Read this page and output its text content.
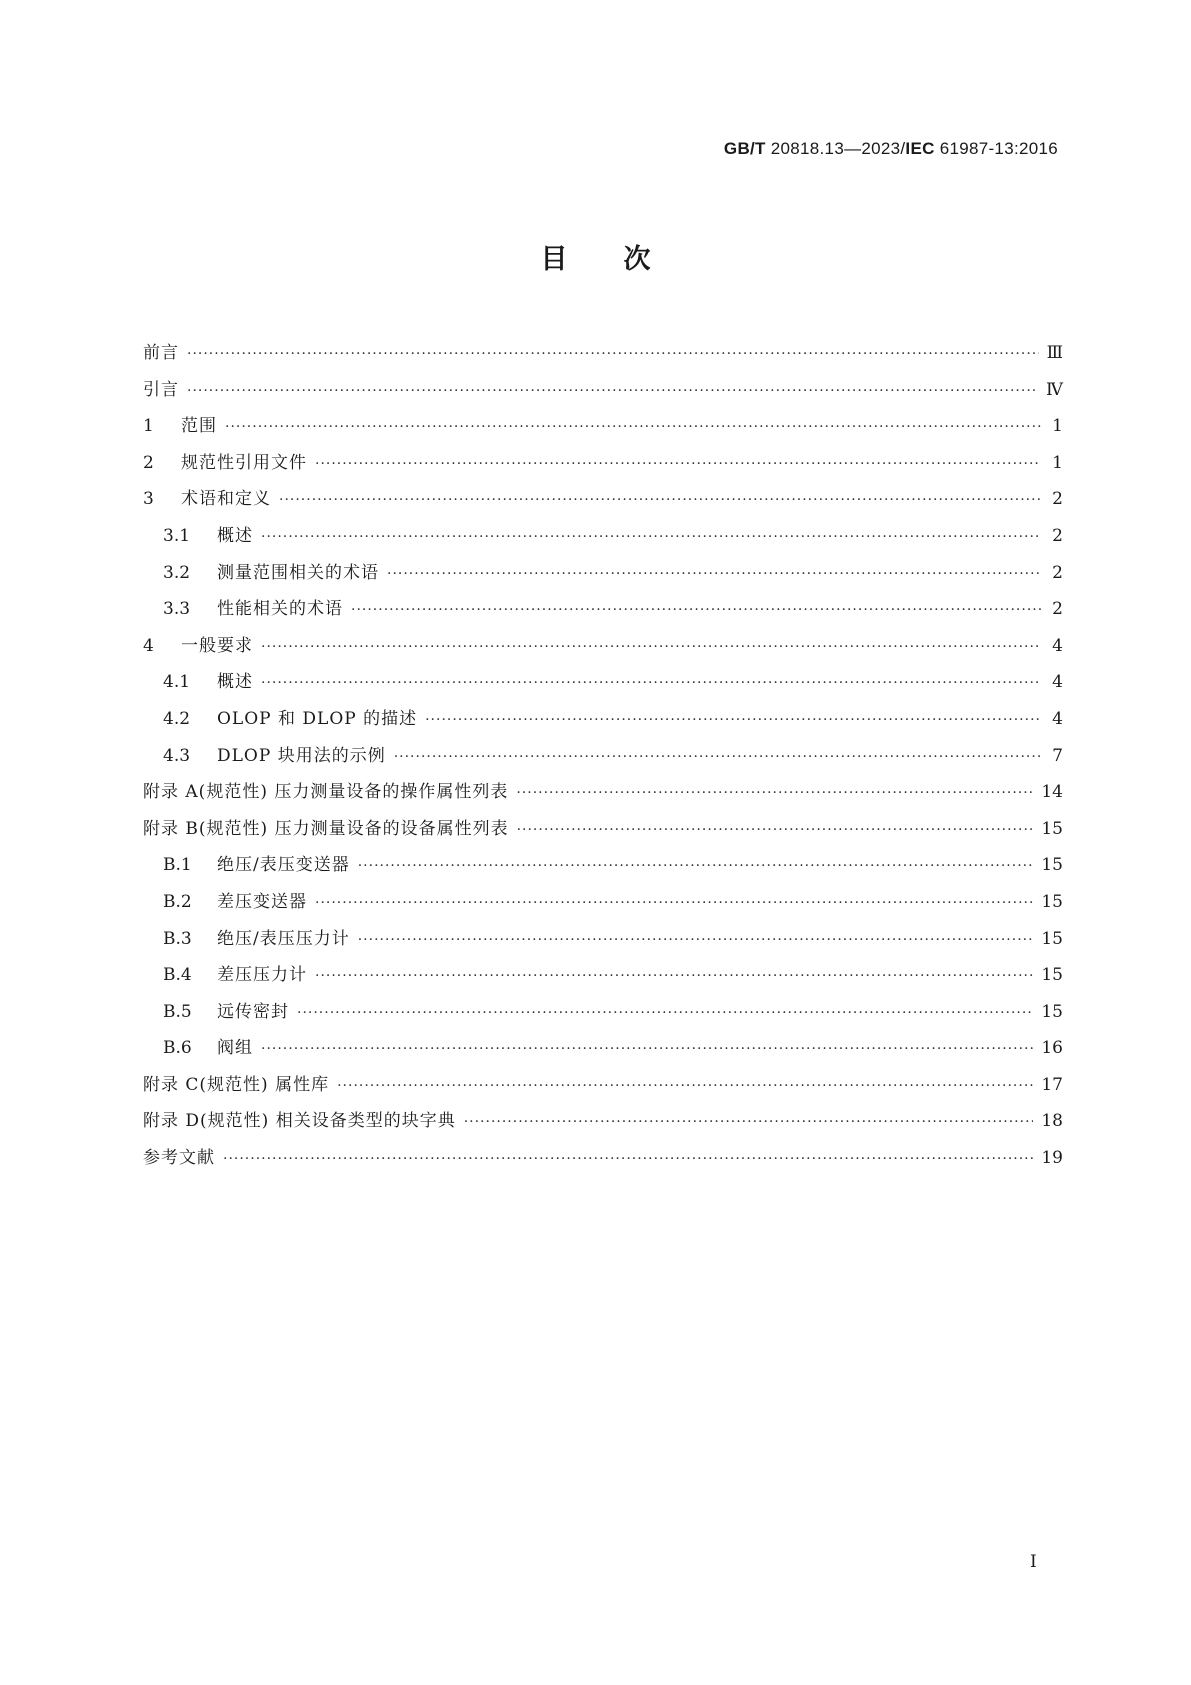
GB/T 20818.13—2023/IEC 61987-13:2016
目次
前言 ·····	Ⅲ
引言 ·····	Ⅳ
1	范围 ·····	1
2	规范性引用文件 ·····	1
3	术语和定义 ·····	2
3.1	概述 ·····	2
3.2	测量范围相关的术语 ·····	2
3.3	性能相关的术语 ·····	2
4	一般要求 ·····	4
4.1	概述 ·····	4
4.2	OLOP 和 DLOP 的描述 ·····	4
4.3	DLOP 块用法的示例 ·····	7
附录 A(规范性) 压力测量设备的操作属性列表 ·····	14
附录 B(规范性) 压力测量设备的设备属性列表 ·····	15
B.1	绝压/表压变送器 ·····	15
B.2	差压变送器 ·····	15
B.3	绝压/表压压力计 ·····	15
B.4	差压压力计 ·····	15
B.5	远传密封 ·····	15
B.6	阀组 ·····	16
附录 C(规范性) 属性库 ·····	17
附录 D(规范性) 相关设备类型的块字典 ·····	18
参考文献 ·····	19
I
